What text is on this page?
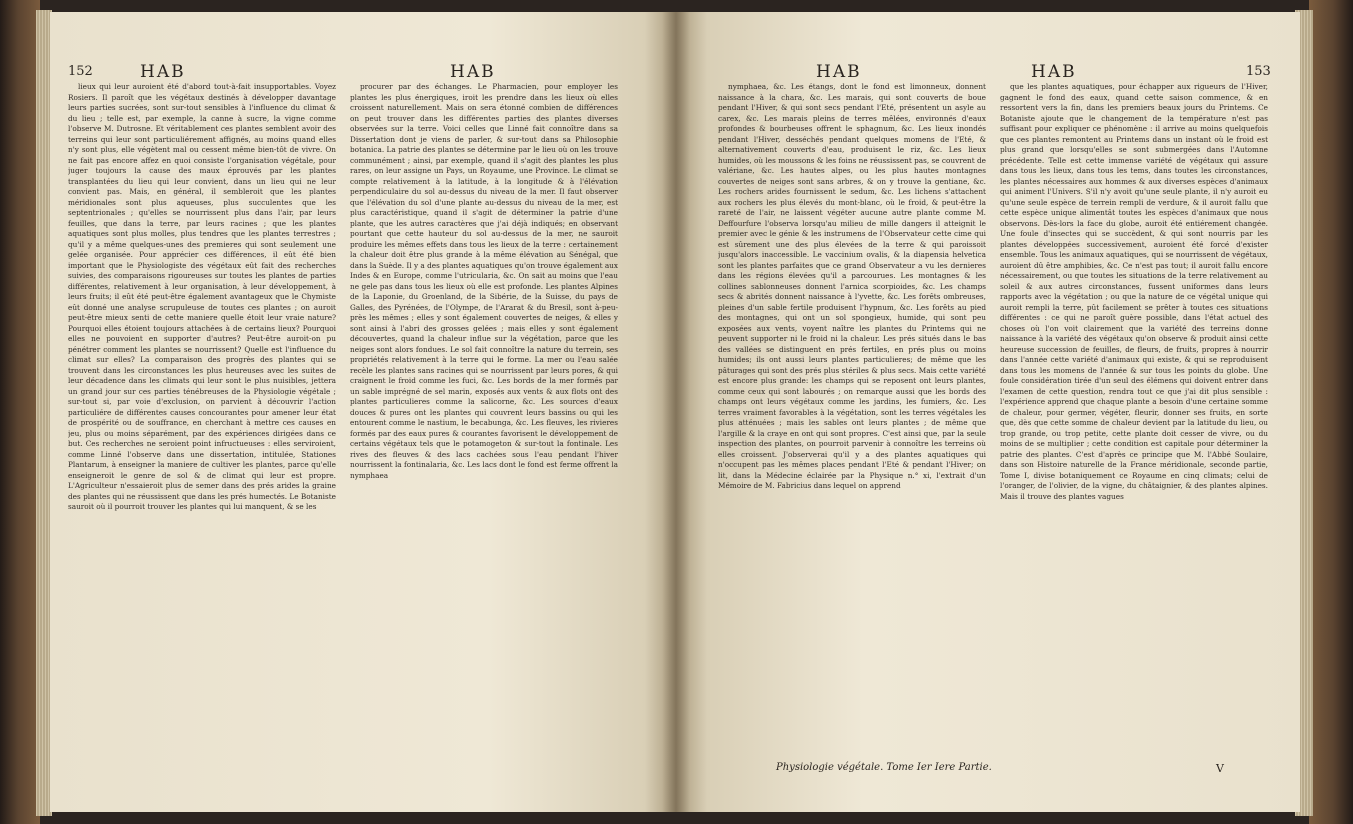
152	HAB	HAB

lieux qui leur auroient été d'abord tout-à-fait insupportables. Voyez Rosiers. Il paroît que les végétaux destinés à développer davantage leurs parties sucrées, sont sur-tout sensibles à l'influence du climat & du lieu ; telle est, par exemple, la canne à sucre, la vigne comme l'observe M. Dutrosne. Et véritablement ces plantes semblent avoir des terreins qui leur sont particuliérement affignés, au moins quand elles n'y sont plus, elle végètent mal ou cessent même bien-tôt de vivre. On ne fait pas encore affez en quoi consiste l'organisation végétale, pour juger toujours la cause des maux éprouvés par les plantes transplantées du lieu qui leur convient, dans un lieu qui ne leur convient pas. Mais, en général, il sembleroit que les plantes méridionales sont plus aqueuses, plus succulentes que les septentrionales ; qu'elles se nourrissent plus dans l'air, par leurs feuilles, que dans la terre, par leurs racines ; que les plantes aquatiques sont plus molles, plus tendres que les plantes terrestres ; qu'il y a même quelques-unes des premieres qui sont seulement une gelée organisée. Pour apprécier ces différences, il eût été bien important que le Physiologiste des végétaux eût fait des recherches suivies, des comparaisons rigoureuses sur toutes les plantes de parties différentes, relativement à leur organisation, à leur développement, à leurs fruits; il eût été peut-être également avantageux que le Chymiste eût donné une analyse scrupuleuse de toutes ces plantes ; on auroit peut-être mieux senti de cette maniere quelle étoit leur vraie nature? Pourquoi elles étoient toujours attachées à de certains lieux? Pourquoi elles ne pouvoient en supporter d'autres? Peut-être auroit-on pu pénétrer comment les plantes se nourrissent? Quelle est l'influence du climat sur elles? La comparaison des progrès des plantes qui se trouvent dans les circonstances les plus heureuses avec les suites de leur décadence dans les climats qui leur sont le plus nuisibles, jettera un grand jour sur ces parties ténébreuses de la Physiologie végétale ; sur-tout si, par voie d'exclusion, on parvient à découvrir l'action particuliére de différentes causes concourantes pour amener leur état de prospérité ou de souffrance, en cherchant à mettre ces causes en jeu, plus ou moins séparément, par des expériences dirigées dans ce but. Ces recherches ne seroient point infructueuses : elles serviroient, comme Linné l'observe dans une dissertation, intitulée, Stationes Plantarum, à enseigner la maniere de cultiver les plantes, parce qu'elle enseigneroit le genre de sol & de climat qui leur est propre. L'Agriculteur n'essaieroit plus de semer dans des prés arides la graine des plantes qui ne réussissent que dans les prés humectés. Le Botaniste sauroit où il pourroit trouver les plantes qui lui manquent, & se les

procurer par des échanges. Le Pharmacien, pour employer les plantes les plus énergiques, iroit les prendre dans les lieux où elles croissent naturellement. Mais on sera étonné combien de différences on peut trouver dans les différentes parties des plantes diverses observées sur la terre. Voici celles que Linné fait connoître dans sa Dissertation dont je viens de parler, & sur-tout dans sa Philosophie botanica. La patrie des plantes se détermine par le lieu où on les trouve communément ; ainsi, par exemple, quand il s'agit des plantes les plus rares, on leur assigne un Pays, un Royaume, une Province. Le climat se compte relativement à la latitude, à la longitude & à l'élévation perpendiculaire du sol au-dessus du niveau de la mer. Il faut observer que l'élévation du sol d'une plante au-dessus du niveau de la mer, est plus caractéristique, quand il s'agit de déterminer la patrie d'une plante, que les autres caractères que j'ai déjà indiqués; en observant pourtant que cette hauteur du sol au-dessus de la mer, ne sauroit produire les mêmes effets dans tous les lieux de la terre : certainement la chaleur doit être plus grande à la même élévation au Sénégal, que dans la Suède. Il y a des plantes aquatiques qu'on trouve également aux Indes & en Europe, comme l'utricularia, &c. On sait au moins que l'eau ne gele pas dans tous les lieux où elle est profonde. Les plantes Alpines de la Laponie, du Groenland, de la Sibérie, de la Suisse, du pays de Galles, des Pyrénées, de l'Olympe, de l'Ararat & du Bresil, sont à-peu-près les mêmes ; elles y sont également couvertes de neiges, & elles y sont ainsi à l'abri des grosses gelées ; mais elles y sont également découvertes, quand la chaleur influe sur la végétation, parce que les neiges sont alors fondues. Le sol fait connoître la nature du terrein, ses propriétés relativement à la terre qui le forme. La mer ou l'eau salée recèle les plantes sans racines qui se nourrissent par leurs pores, & qui craignent le froid comme les fuci, &c. Les bords de la mer formés par un sable imprégné de sel marin, exposés aux vents & aux flots ont des plantes particulieres comme la salicorne, &c. Les sources d'eaux douces & pures ont les plantes qui couvrent leurs bassins ou qui les entourent comme le nastium, le becabunga, &c. Les fleuves, les rivieres formés par des eaux pures & courantes favorisent le développement de certains végétaux tels que le potamogeton & sur-tout la fontinale. Les rives des fleuves & des lacs cachées sous l'eau pendant l'hiver nourrissent la fontinalaria, &c. Les lacs dont le fond est ferme offrent la nymphaea

HAB	HAB	153

nymphaea, &c. Les étangs, dont le fond est limonneux, donnent naissance à la chara, &c. Les marais, qui sont couverts de boue pendant l'Hiver, & qui sont secs pendant l'Eté, présentent un asyle au carex, &c. Les marais pleins de terres mêlées, environnés d'eaux profondes & bourbeuses offrent le sphagnum, &c. Les lieux inondés pendant l'Hiver, desséchés pendant quelques momens de l'Eté, & alternativement couverts d'eau, produisent le riz, &c. Les lieux humides, où les moussons & les foins ne réussissent pas, se couvrent de valériane, &c. Les hautes alpes, ou les plus hautes montagnes couvertes de neiges sont sans arbres, & on y trouve la gentiane, &c. Les rochers arides fournissent le sedum, &c. Les lichens s'attachent aux rochers les plus élevés du mont-blanc, où le froid, & peut-être la rareté de l'air, ne laissent végéter aucune autre plante comme M. Deffourfure l'observa lorsqu'au milieu de mille dangers il atteignit le premier avec le génie & les instrumens de l'Observateur cette cime qui est sûrement une des plus élevées de la terre & qui paroissoit jusqu'alors inaccessible. Le vaccinium ovalis, & la diapensia helvetica sont les plantes parfaites que ce grand Observateur a vu les dernieres dans les régions élevées qu'il a parcourues. Les montagnes & les collines sablonneuses donnent l'arnica scorpioides, &c. Les champs secs & abrités donnent naissance à l'yvette, &c. Les forêts ombreuses, pleines d'un sable fertile produisent l'hypnum, &c. Les forêts au pied des montagnes, qui ont un sol spongieux, humide, qui sont peu exposées aux vents, voyent naître les plantes du Printems qui ne peuvent supporter ni le froid ni la chaleur. Les prés situés dans le bas des vallées se distinguent en prés fertiles, en prés plus ou moins humides; ils ont aussi leurs plantes particulieres; de même que les pâturages qui sont des prés plus stériles & plus secs. Mais cette variété est encore plus grande: les champs qui se reposent ont leurs plantes, comme ceux qui sont labourés ; on remarque aussi que les bords des champs ont leurs végétaux comme les jardins, les fumiers, &c. Les terres vraiment favorables à la végétation, sont les terres végétales les plus atténuées ; mais les sables ont leurs plantes ; de même que l'argille & la craye en ont qui sont propres. C'est ainsi que, par la seule inspection des plantes, on pourroit parvenir à connoître les terreins où elles croissent. J'observerai qu'il y a des plantes aquatiques qui n'occupent pas les mêmes places pendant l'Eté & pendant l'Hiver; on lit, dans la Médecine éclairée par la Physique n.° xi, l'extrait d'un Mémoire de M. Fabricius dans lequel on apprend

que les plantes aquatiques, pour échapper aux rigueurs de l'Hiver, gagnent le fond des eaux, quand cette saison commence, & en ressortent vers la fin, dans les premiers beaux jours du Printems. Ce Botaniste ajoute que le changement de la température n'est pas suffisant pour expliquer ce phénomène : il arrive au moins quelquefois que ces plantes remontent au Printems dans un instant où le froid est plus grand que lorsqu'elles se sont submergées dans l'Automne précédente. Telle est cette immense variété de végétaux qui assure dans tous les lieux, dans tous les tems, dans toutes les circonstances, les plantes nécessaires aux hommes & aux diverses espèces d'animaux qui animent l'Univers. S'il n'y avoit qu'une seule plante, il n'y auroit eu qu'une seule espèce de terrein rempli de verdure, & il auroit fallu que cette espèce unique alimentât toutes les espèces d'animaux que nous observons. Dès-lors la face du globe, auroit été entiérement changée. Une foule d'insectes qui se succèdent, & qui sont nourris par les plantes développées successivement, auroient été forcé d'exister ensemble. Tous les animaux aquatiques, qui se nourrissent de végétaux, auroient dû être amphibies, &c. Ce n'est pas tout; il auroit fallu encore nécessairement, ou que toutes les situations de la terre relativement au soleil & aux autres circonstances, fussent uniformes dans leurs rapports avec la végétation ; ou que la nature de ce végétal unique qui auroit rempli la terre, pût facilement se prêter à toutes ces situations différentes : ce qui ne paroît guère possible, dans l'état actuel des choses où l'on voit clairement que la variété des terreins donne naissance à la variété des végétaux qu'on observe & produit ainsi cette heureuse succession de feuilles, de fleurs, de fruits, propres à nourrir dans l'année cette variété d'animaux qui existe, & qui se reproduisent dans tous les momens de l'année & sur tous les points du globe. Une foule considération tirée d'un seul des élémens qui doivent entrer dans l'examen de cette question, rendra tout ce que j'ai dit plus sensible : l'expérience apprend que chaque plante a besoin d'une certaine somme de chaleur, pour germer, végéter, fleurir, donner ses fruits, en sorte que, dès que cette somme de chaleur devient par la latitude du lieu, ou trop grande, ou trop petite, cette plante doit cesser de vivre, ou du moins de se multiplier ; cette condition est capitale pour déterminer la patrie des plantes. C'est d'après ce principe que M. l'Abbé Soulaire, dans son Histoire naturelle de la France méridionale, seconde partie, Tome I, divise botaniquement ce Royaume en cinq climats; celui de l'oranger, de l'olivier, de la vigne, du châtaignier, & des plantes alpines. Mais il trouve des plantes vagues

Physiologie végétale. Tome Ier Iere Partie.	V
